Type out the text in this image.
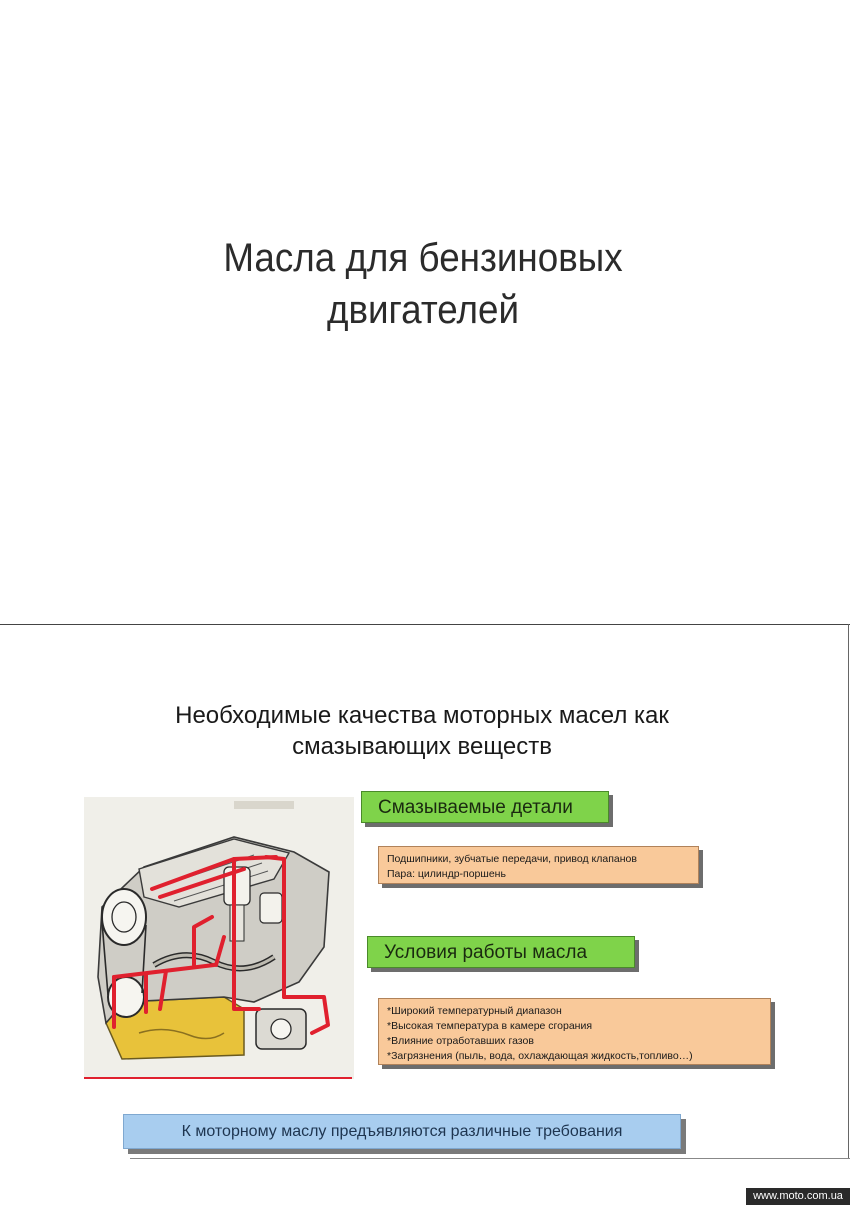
Масла для бензиновых
двигателей
Необходимые качества моторных масел как
смазывающих веществ
Смазываемые детали
Подшипники, зубчатые передачи, привод клапанов
Пара: цилиндр-поршень
Условия работы масла
*Широкий температурный диапазон
*Высокая температура в камере сгорания
*Влияние отработавших газов
*Загрязнения (пыль, вода, охлаждающая жидкость,топливо…)
К моторному маслу предъявляются различные требования
www.moto.com.ua
